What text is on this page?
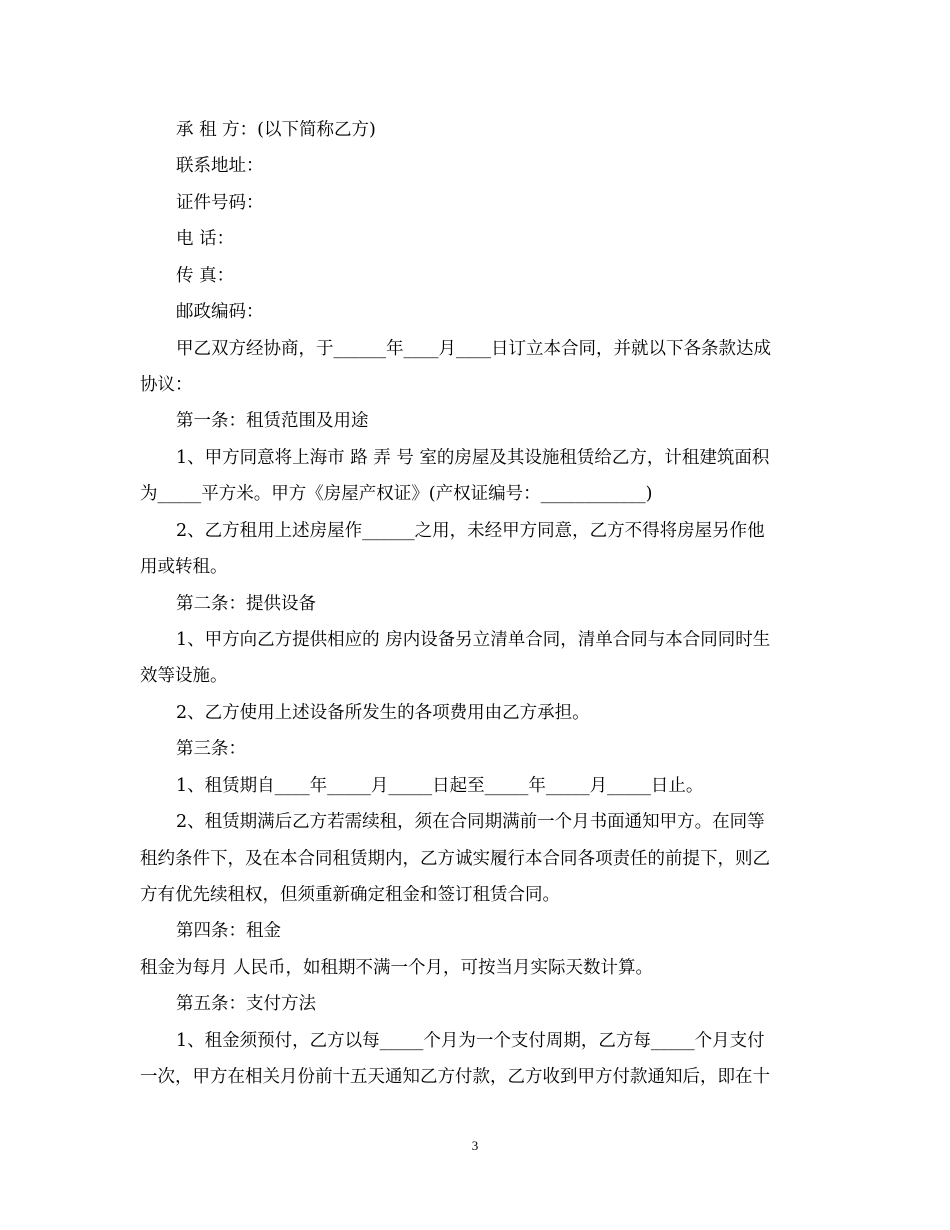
承 租 方：(以下简称乙方)
联系地址：
证件号码：
电 话：
传 真：
邮政编码：
甲乙双方经协商，于______年____月____日订立本合同，并就以下各条款达成
协议：
第一条：租赁范围及用途
1、甲方同意将上海市 路 弄 号 室的房屋及其设施租赁给乙方，计租建筑面积
为_____平方米。甲方《房屋产权证》(产权证编号：____________)
2、乙方租用上述房屋作______之用，未经甲方同意，乙方不得将房屋另作他
用或转租。
第二条：提供设备
1、甲方向乙方提供相应的 房内设备另立清单合同，清单合同与本合同同时生
效等设施。
2、乙方使用上述设备所发生的各项费用由乙方承担。
第三条：
1、租赁期自____年_____月_____日起至_____年_____月_____日止。
2、租赁期满后乙方若需续租，须在合同期满前一个月书面通知甲方。在同等
租约条件下，及在本合同租赁期内，乙方诚实履行本合同各项责任的前提下，则乙
方有优先续租权，但须重新确定租金和签订租赁合同。
第四条：租金
租金为每月 人民币，如租期不满一个月，可按当月实际天数计算。
第五条：支付方法
1、租金须预付，乙方以每_____个月为一个支付周期，乙方每_____个月支付
一次，甲方在相关月份前十五天通知乙方付款，乙方收到甲方付款通知后，即在十
3
